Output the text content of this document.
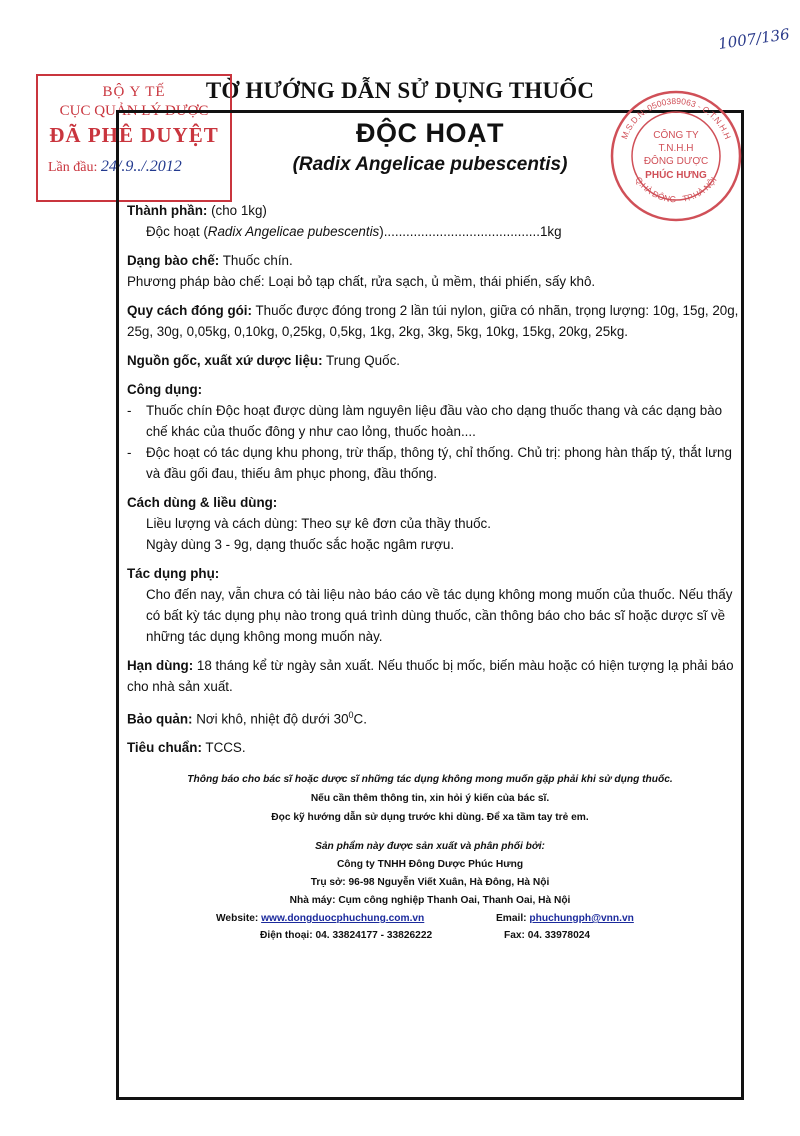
1007/136
TỜ HƯỚNG DẪN SỬ DỤNG THUỐC
BỘ Y TẾ
CỤC QUẢN LÝ DƯỢC
ĐÃ PHÊ DUYỆT
Lần đầu: 24/.9../.2012
M.S.D.N: 0500389063 - C.T.N.H.H
Q.HÀ ĐÔNG - TP.HÀ NỘI
CÔNG TY
T.N.H.H
ĐÔNG DƯỢC
PHÚC HƯNG
ĐỘC HOẠT
(Radix Angelicae pubescentis)
Thành phần: (cho 1kg)
Độc hoạt (Radix Angelicae pubescentis)..........................................1kg
Dạng bào chế: Thuốc chín.
Phương pháp bào chế: Loại bỏ tạp chất, rửa sạch, ủ mềm, thái phiến, sấy khô.
Quy cách đóng gói: Thuốc được đóng trong 2 lần túi nylon, giữa có nhãn, trọng lượng: 10g, 15g, 20g, 25g, 30g, 0,05kg, 0,10kg, 0,25kg, 0,5kg, 1kg, 2kg, 3kg, 5kg, 10kg, 15kg, 20kg, 25kg.
Nguồn gốc, xuất xứ dược liệu: Trung Quốc.
Công dụng:
- Thuốc chín Độc hoạt được dùng làm nguyên liệu đầu vào cho dạng thuốc thang và các dạng bào chế khác của thuốc đông y như cao lỏng, thuốc hoàn....
- Độc hoạt có tác dụng khu phong, trừ thấp, thông tý, chỉ thống. Chủ trị: phong hàn thấp tý, thắt lưng và đầu gối đau, thiếu âm phục phong, đầu thống.
Cách dùng & liều dùng:
Liều lượng và cách dùng: Theo sự kê đơn của thầy thuốc.
Ngày dùng 3 - 9g, dạng thuốc sắc hoặc ngâm rượu.
Tác dụng phụ:
Cho đến nay, vẫn chưa có tài liệu nào báo cáo về tác dụng không mong muốn của thuốc. Nếu thấy có bất kỳ tác dụng phụ nào trong quá trình dùng thuốc, cần thông báo cho bác sĩ hoặc dược sĩ về những tác dụng không mong muốn này.
Hạn dùng: 18 tháng kể từ ngày sản xuất. Nếu thuốc bị mốc, biến màu hoặc có hiện tượng lạ phải báo cho nhà sản xuất.
Bảo quản: Nơi khô, nhiệt độ dưới $30^0C$.
Tiêu chuẩn: TCCS.
Thông báo cho bác sĩ hoặc dược sĩ những tác dụng không mong muốn gặp phải khi sử dụng thuốc.
Nếu cần thêm thông tin, xin hỏi ý kiến của bác sĩ.
Đọc kỹ hướng dẫn sử dụng trước khi dùng. Để xa tầm tay trẻ em.
Sản phẩm này được sản xuất và phân phối bởi:
Công ty TNHH Đông Dược Phúc Hưng
Trụ sở: 96-98 Nguyễn Viết Xuân, Hà Đông, Hà Nội
Nhà máy: Cụm công nghiệp Thanh Oai, Thanh Oai, Hà Nội
Website: www.dongduocphuchung.com.vn	Email: phuchungph@vnn.vn
Điện thoại: 04. 33824177 - 33826222	Fax: 04. 33978024
